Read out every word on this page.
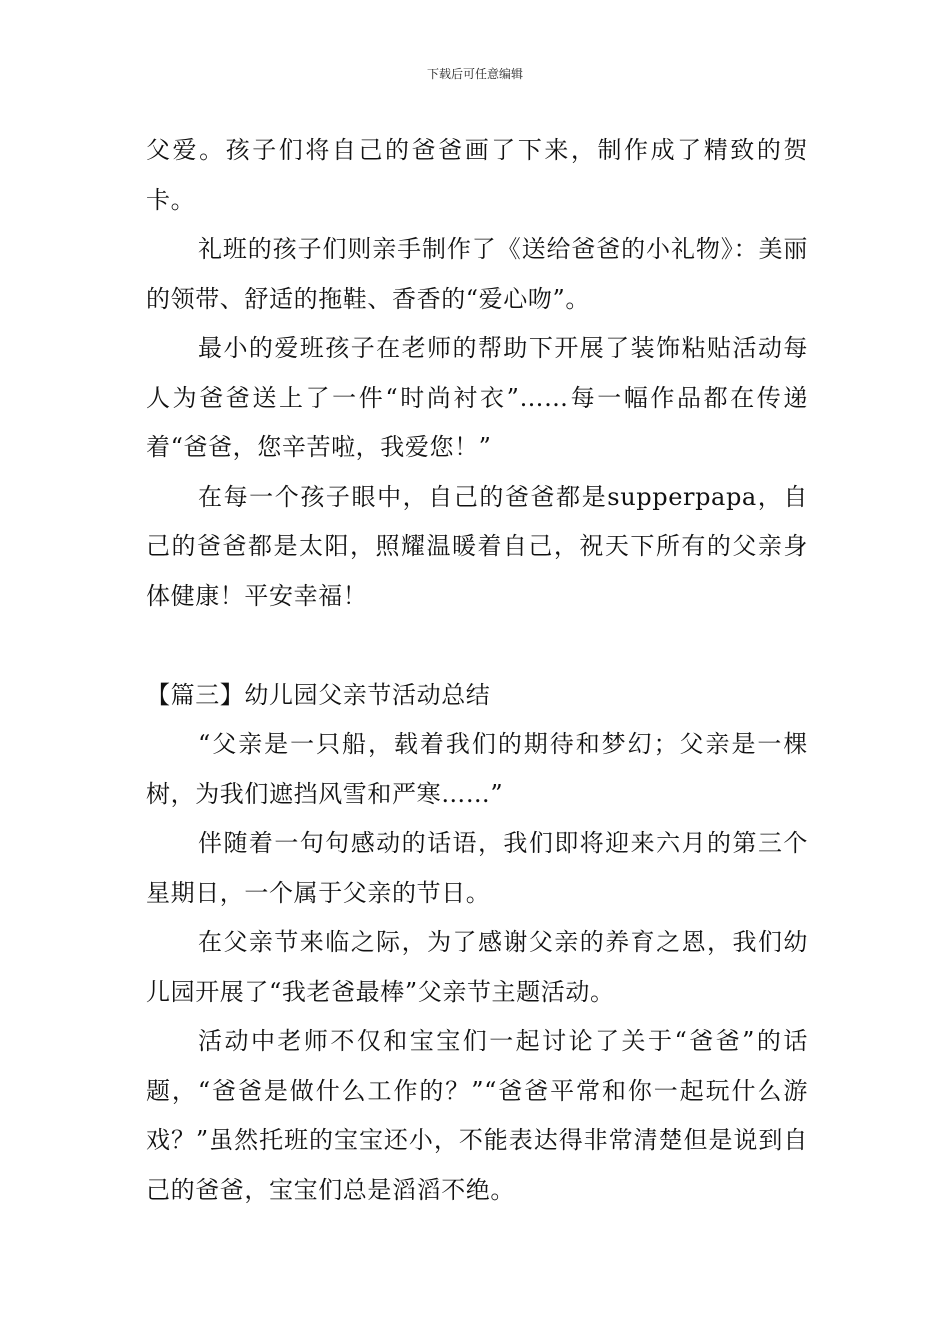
下载后可任意编辑

父爱。孩子们将自己的爸爸画了下来，制作成了精致的贺卡。

礼班的孩子们则亲手制作了《送给爸爸的小礼物》：美丽的领带、舒适的拖鞋、香香的“爱心吻”。

最小的爱班孩子在老师的帮助下开展了装饰粘贴活动每人为爸爸送上了一件“时尚衬衣”……每一幅作品都在传递着“爸爸，您辛苦啦，我爱您！”

在每一个孩子眼中，自己的爸爸都是supperpapa，自己的爸爸都是太阳，照耀温暖着自己，祝天下所有的父亲身体健康！平安幸福！

【篇三】幼儿园父亲节活动总结

“父亲是一只船，载着我们的期待和梦幻；父亲是一棵树，为我们遮挡风雪和严寒……”

伴随着一句句感动的话语，我们即将迎来六月的第三个星期日，一个属于父亲的节日。

在父亲节来临之际，为了感谢父亲的养育之恩，我们幼儿园开展了“我老爸最棒”父亲节主题活动。

活动中老师不仅和宝宝们一起讨论了关于“爸爸”的话题，“爸爸是做什么工作的？”“爸爸平常和你一起玩什么游戏？”虽然托班的宝宝还小，不能表达得非常清楚但是说到自己的爸爸，宝宝们总是滔滔不绝。
